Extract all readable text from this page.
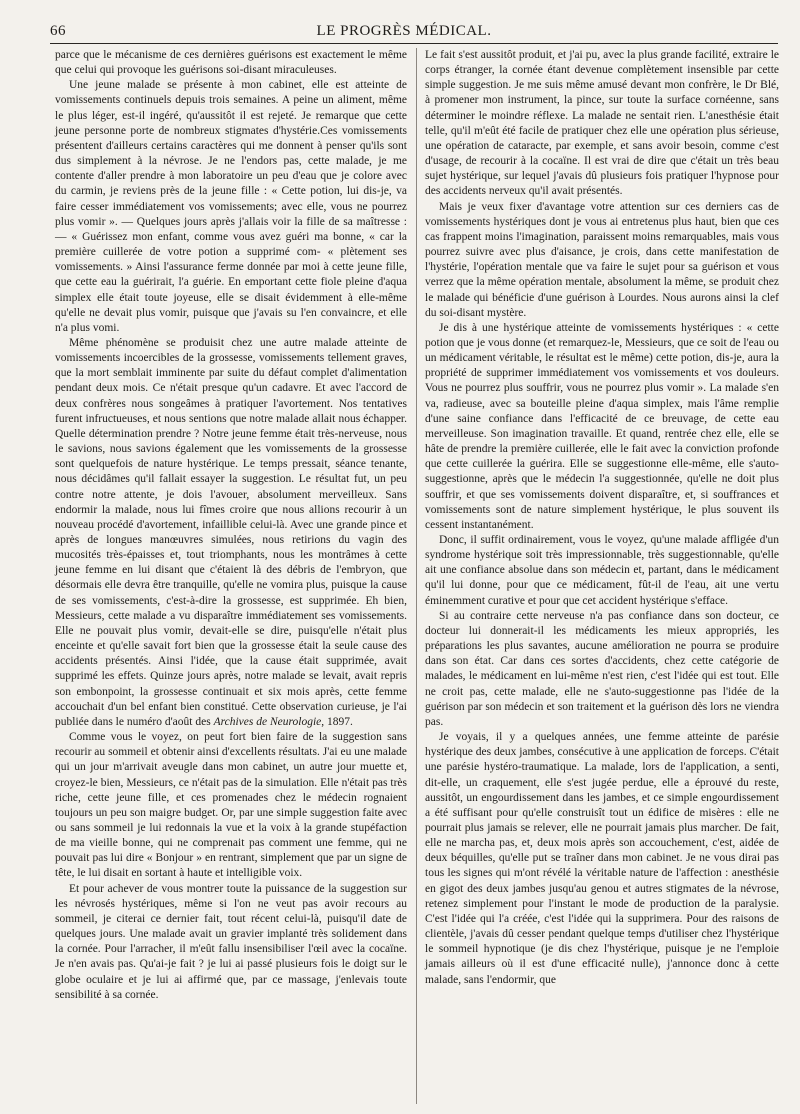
66	LE PROGRÈS MÉDICAL.

parce que le mécanisme de ces dernières guérisons est exactement le même que celui qui provoque les guérisons soi-disant miraculeuses.

Une jeune malade se présente à mon cabinet, elle est atteinte de vomissements continuels depuis trois semaines. A peine un aliment, même le plus léger, est-il ingéré, qu'aussitôt il est rejeté. Je remarque que cette jeune personne porte de nombreux stigmates d'hystérie.Ces vomissements présentent d'ailleurs certains caractères qui me donnent à penser qu'ils sont dus simplement à la névrose. Je ne l'endors pas, cette malade, je me contente d'aller prendre à mon laboratoire un peu d'eau que je colore avec du carmin, je reviens près de la jeune fille : « Cette potion, lui dis-je, va faire cesser immédiatement vos vomissements; avec elle, vous ne pourrez plus vomir ». — Quelques jours après j'allais voir la fille de sa maîtresse : — « Guérissez mon enfant, comme vous avez guéri ma bonne, « car la première cuillerée de votre potion a supprimé com- « plètement ses vomissements. » Ainsi l'assurance ferme donnée par moi à cette jeune fille, que cette eau la guérirait, l'a guérie. En emportant cette fiole pleine d'aqua simplex elle était toute joyeuse, elle se disait évidemment à elle-même qu'elle ne devait plus vomir, puisque que j'avais su l'en convaincre, et elle n'a plus vomi.

Même phénomène se produisit chez une autre malade atteinte de vomissements incoercibles de la grossesse, vomissements tellement graves, que la mort semblait imminente par suite du défaut complet d'alimentation pendant deux mois. Ce n'était presque qu'un cadavre. Et avec l'accord de deux confrères nous songeâmes à pratiquer l'avortement. Nos tentatives furent infructueuses, et nous sentions que notre malade allait nous échapper. Quelle détermination prendre ? Notre jeune femme était très-nerveuse, nous le savions, nous savions également que les vomissements de la grossesse sont quelquefois de nature hystérique. Le temps pressait, séance tenante, nous décidâmes qu'il fallait essayer la suggestion. Le résultat fut, un peu contre notre attente, je dois l'avouer, absolument merveilleux. Sans endormir la malade, nous lui fîmes croire que nous allions recourir à un nouveau procédé d'avortement, infaillible celui-là. Avec une grande pince et après de longues manœuvres simulées, nous retirions du vagin des mucosités très-épaisses et, tout triomphants, nous les montrâmes à cette jeune femme en lui disant que c'étaient là des débris de l'embryon, que désormais elle devra être tranquille, qu'elle ne vomira plus, puisque la cause de ses vomissements, c'est-à-dire la grossesse, est supprimée. Eh bien, Messieurs, cette malade a vu disparaître immédiatement ses vomissements. Elle ne pouvait plus vomir, devait-elle se dire, puisqu'elle n'était plus enceinte et qu'elle savait fort bien que la grossesse était la seule cause des accidents présentés. Ainsi l'idée, que la cause était supprimée, avait supprimé les effets. Quinze jours après, notre malade se levait, avait repris son embonpoint, la grossesse continuait et six mois après, cette femme accouchait d'un bel enfant bien constitué. Cette observation curieuse, je l'ai publiée dans le numéro d'août des Archives de Neurologie, 1897.

Comme vous le voyez, on peut fort bien faire de la suggestion sans recourir au sommeil et obtenir ainsi d'excellents résultats. J'ai eu une malade qui un jour m'arrivait aveugle dans mon cabinet, un autre jour muette et, croyez-le bien, Messieurs, ce n'était pas de la simulation. Elle n'était pas très riche, cette jeune fille, et ces promenades chez le médecin rognaient toujours un peu son maigre budget. Or, par une simple suggestion faite avec ou sans sommeil je lui redonnais la vue et la voix à la grande stupéfaction de ma vieille bonne, qui ne comprenait pas comment une femme, qui ne pouvait pas lui dire « Bonjour » en rentrant, simplement que par un signe de tête, le lui disait en sortant à haute et intelligible voix.

Et pour achever de vous montrer toute la puissance de la suggestion sur les névrosés hystériques, même si l'on ne veut pas avoir recours au sommeil, je citerai ce dernier fait, tout récent celui-là, puisqu'il date de quelques jours. Une malade avait un gravier implanté très solidement dans la cornée. Pour l'arracher, il m'eût fallu insensibiliser l'œil avec la cocaïne. Je n'en avais pas. Qu'ai-je fait ? je lui ai passé plusieurs fois le doigt sur le globe oculaire et je lui ai affirmé que, par ce massage, j'enlevais toute sensibilité à sa cornée.

Le fait s'est aussitôt produit, et j'ai pu, avec la plus grande facilité, extraire le corps étranger, la cornée étant devenue complètement insensible par cette simple suggestion. Je me suis même amusé devant mon confrère, le Dr Blé, à promener mon instrument, la pince, sur toute la surface cornéenne, sans déterminer le moindre réflexe. La malade ne sentait rien. L'anesthésie était telle, qu'il m'eût été facile de pratiquer chez elle une opération plus sérieuse, une opération de cataracte, par exemple, et sans avoir besoin, comme c'est d'usage, de recourir à la cocaïne. Il est vrai de dire que c'était un très beau sujet hystérique, sur lequel j'avais dû plusieurs fois pratiquer l'hypnose pour des accidents nerveux qu'il avait présentés.

Mais je veux fixer d'avantage votre attention sur ces derniers cas de vomissements hystériques dont je vous ai entretenus plus haut, bien que ces cas frappent moins l'imagination, paraissent moins remarquables, mais vous pourrez suivre avec plus d'aisance, je crois, dans cette manifestation de l'hystérie, l'opération mentale que va faire le sujet pour sa guérison et vous verrez que la même opération mentale, absolument la même, se produit chez le malade qui bénéficie d'une guérison à Lourdes. Nous aurons ainsi la clef du soi-disant mystère.

Je dis à une hystérique atteinte de vomissements hystériques : « cette potion que je vous donne (et remarquez-le, Messieurs, que ce soit de l'eau ou un médicament véritable, le résultat est le même) cette potion, dis-je, aura la propriété de supprimer immédiatement vos vomissements et vos douleurs. Vous ne pourrez plus souffrir, vous ne pourrez plus vomir ». La malade s'en va, radieuse, avec sa bouteille pleine d'aqua simplex, mais l'âme remplie d'une saine confiance dans l'efficacité de ce breuvage, de cette eau merveilleuse. Son imagination travaille. Et quand, rentrée chez elle, elle se hâte de prendre la première cuillerée, elle le fait avec la conviction profonde que cette cuillerée la guérira. Elle se suggestionne elle-même, elle s'auto-suggestionne, après que le médecin l'a suggestionnée, qu'elle ne doit plus souffrir, et que ses vomissements doivent disparaître, et, si souffrances et vomissements sont de nature simplement hystérique, le plus souvent ils cessent instantanément.

Donc, il suffit ordinairement, vous le voyez, qu'une malade affligée d'un syndrome hystérique soit très impressionnable, très suggestionnable, qu'elle ait une confiance absolue dans son médecin et, partant, dans le médicament qu'il lui donne, pour que ce médicament, fût-il de l'eau, ait une vertu éminemment curative et pour que cet accident hystérique s'efface.

Si au contraire cette nerveuse n'a pas confiance dans son docteur, ce docteur lui donnerait-il les médicaments les mieux appropriés, les préparations les plus savantes, aucune amélioration ne pourra se produire dans son état. Car dans ces sortes d'accidents, chez cette catégorie de malades, le médicament en lui-même n'est rien, c'est l'idée qui est tout. Elle ne croit pas, cette malade, elle ne s'auto-suggestionne pas l'idée de la guérison par son médecin et son traitement et la guérison dès lors ne viendra pas.

Je voyais, il y a quelques années, une femme atteinte de parésie hystérique des deux jambes, consécutive à une application de forceps. C'était une parésie hystéro-traumatique. La malade, lors de l'application, a senti, dit-elle, un craquement, elle s'est jugée perdue, elle a éprouvé du reste, aussitôt, un engourdissement dans les jambes, et ce simple engourdissement a été suffisant pour qu'elle construisît tout un édifice de misères : elle ne pourrait plus jamais se relever, elle ne pourrait jamais plus marcher. De fait, elle ne marcha pas, et, deux mois après son accouchement, c'est, aidée de deux béquilles, qu'elle put se traîner dans mon cabinet. Je ne vous dirai pas tous les signes qui m'ont révélé la véritable nature de l'affection : anesthésie en gigot des deux jambes jusqu'au genou et autres stigmates de la névrose, retenez simplement pour l'instant le mode de production de la paralysie. C'est l'idée qui l'a créée, c'est l'idée qui la supprimera. Pour des raisons de clientèle, j'avais dû cesser pendant quelque temps d'utiliser chez l'hystérique le sommeil hypnotique (je dis chez l'hystérique, puisque je ne l'emploie jamais ailleurs où il est d'une efficacité nulle), j'annonce donc à cette malade, sans l'endormir, que
